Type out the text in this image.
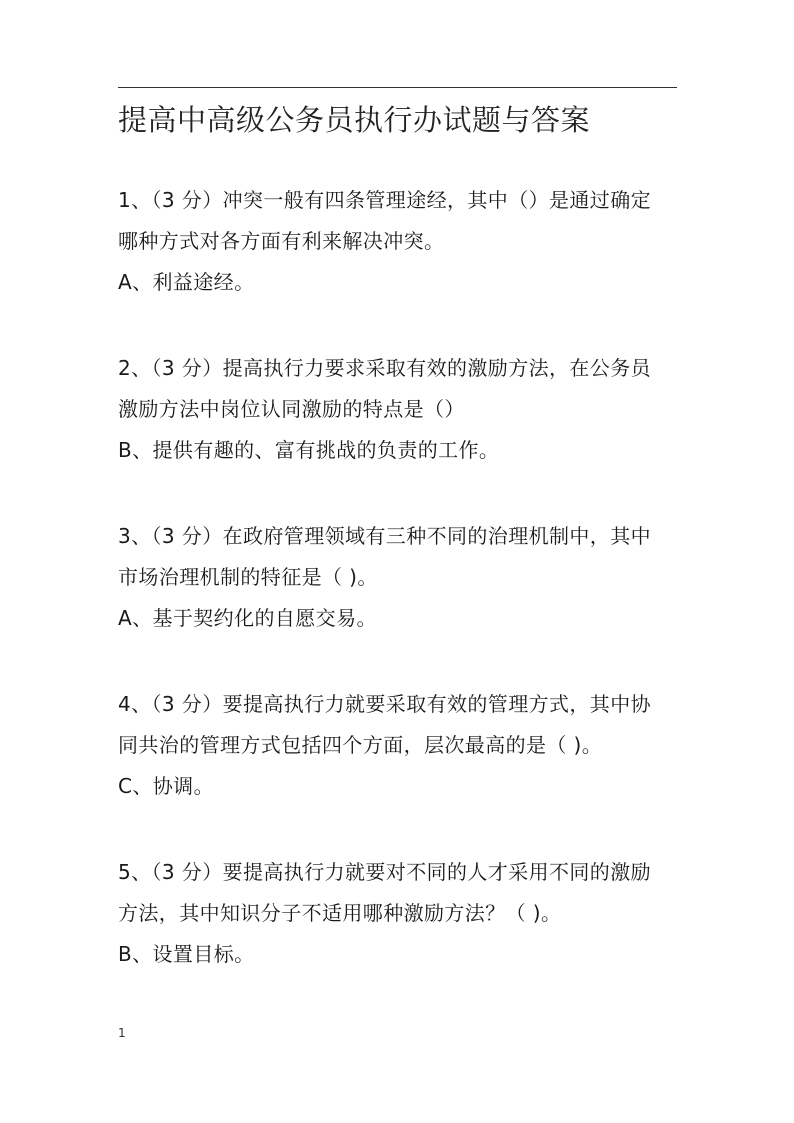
提高中高级公务员执行办试题与答案
1、（3 分）冲突一般有四条管理途经，其中（）是通过确定
哪种方式对各方面有利来解决冲突。
A、利益途经。
2、（3 分）提高执行力要求采取有效的激励方法，在公务员
激励方法中岗位认同激励的特点是（）
B、提供有趣的、富有挑战的负责的工作。
3、（3 分）在政府管理领域有三种不同的治理机制中，其中
市场治理机制的特征是（ )。
A、基于契约化的自愿交易。
4、（3 分）要提高执行力就要采取有效的管理方式，其中协
同共治的管理方式包括四个方面，层次最高的是（ )。
C、协调。
5、（3 分）要提高执行力就要对不同的人才采用不同的激励
方法，其中知识分子不适用哪种激励方法？（ )。
B、设置目标。
1
